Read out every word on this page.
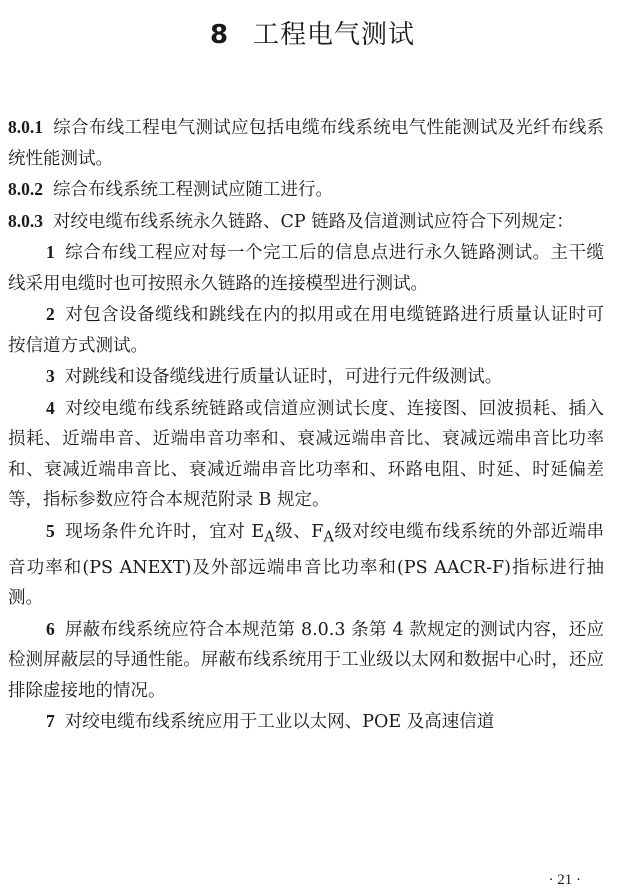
8 工程电气测试

8.0.1 综合布线工程电气测试应包括电缆布线系统电气性能测试及光纤布线系统性能测试。

8.0.2 综合布线系统工程测试应随工进行。

8.0.3 对绞电缆布线系统永久链路、CP 链路及信道测试应符合下列规定：

1 综合布线工程应对每一个完工后的信息点进行永久链路测试。主干缆线采用电缆时也可按照永久链路的连接模型进行测试。

2 对包含设备缆线和跳线在内的拟用或在用电缆链路进行质量认证时可按信道方式测试。

3 对跳线和设备缆线进行质量认证时，可进行元件级测试。

4 对绞电缆布线系统链路或信道应测试长度、连接图、回波损耗、插入损耗、近端串音、近端串音功率和、衰减远端串音比、衰减远端串音比功率和、衰减近端串音比、衰减近端串音比功率和、环路电阻、时延、时延偏差等，指标参数应符合本规范附录 B 规定。

5 现场条件允许时，宜对 $E_A$级、$F_A$级对绞电缆布线系统的外部近端串音功率和(PS ANEXT)及外部远端串音比功率和(PS AACR-F)指标进行抽测。

6 屏蔽布线系统应符合本规范第 8.0.3 条第 4 款规定的测试内容，还应检测屏蔽层的导通性能。屏蔽布线系统用于工业级以太网和数据中心时，还应排除虚接地的情况。

7 对绞电缆布线系统应用于工业以太网、POE 及高速信道

· 21 ·
